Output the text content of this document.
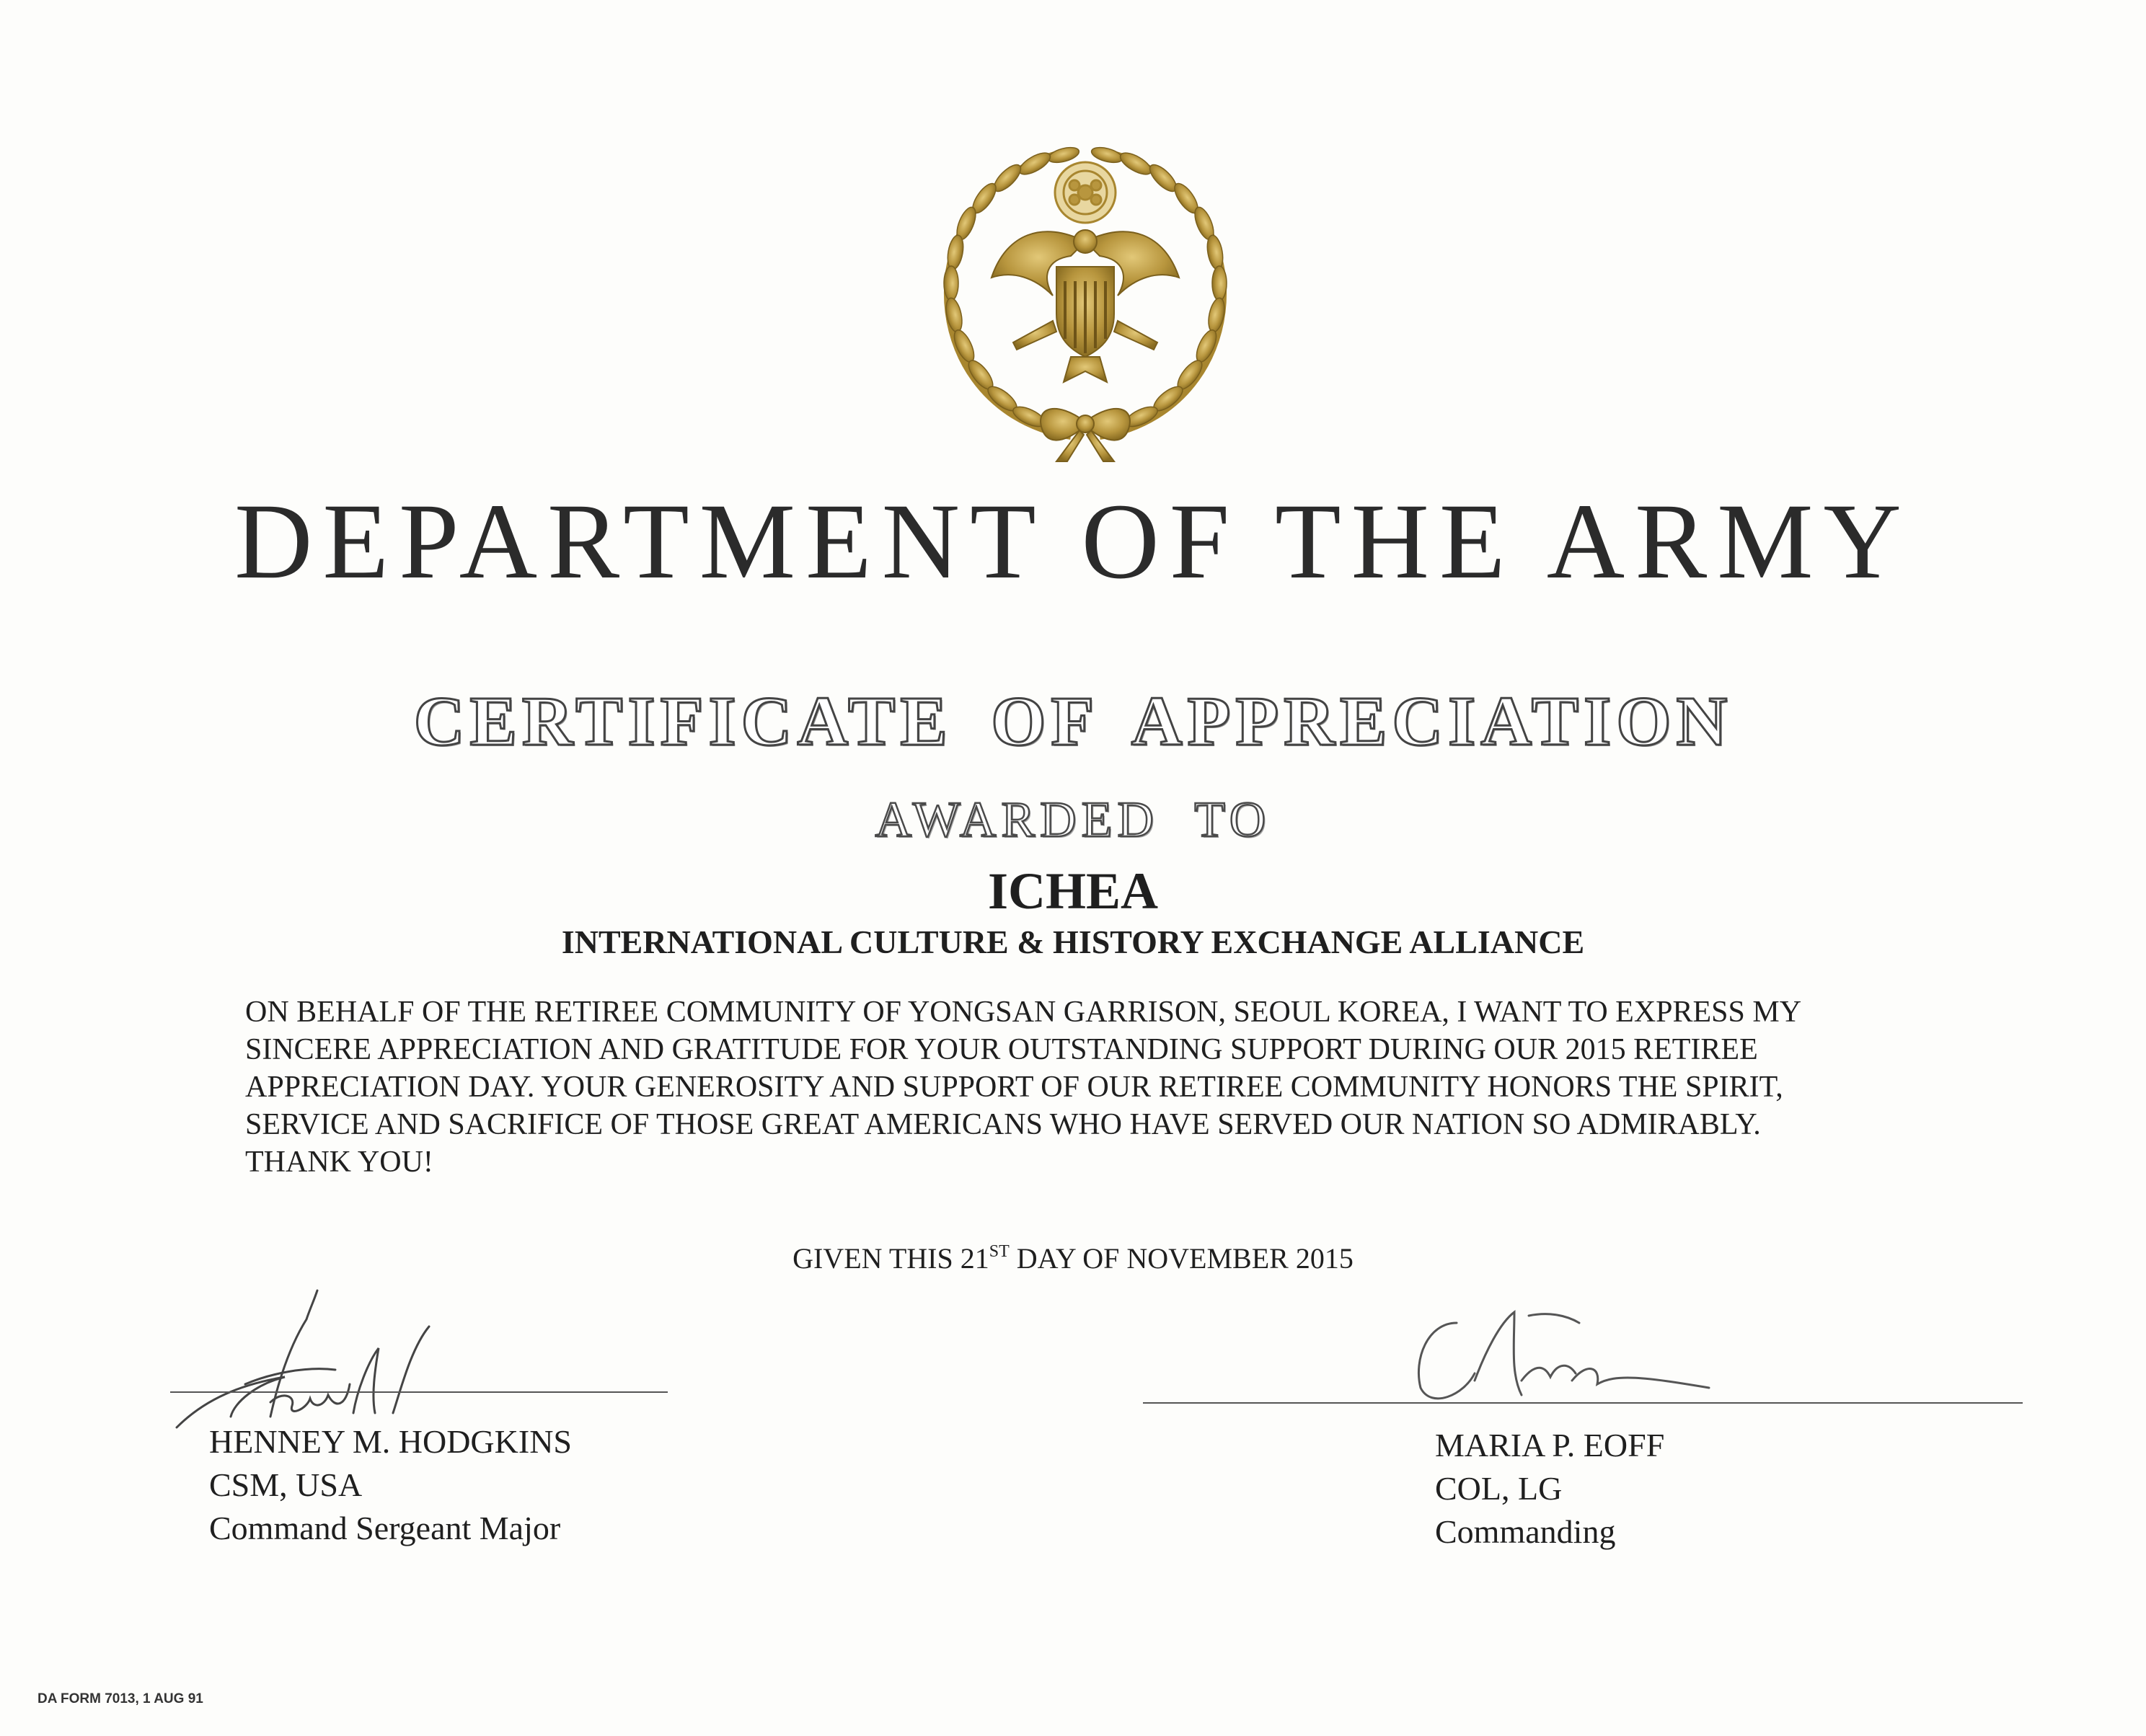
DEPARTMENT OF THE ARMY
CERTIFICATE OF APPRECIATION
AWARDED TO
ICHEA
INTERNATIONAL CULTURE & HISTORY EXCHANGE ALLIANCE
ON BEHALF OF THE RETIREE COMMUNITY OF YONGSAN GARRISON, SEOUL KOREA, I WANT TO EXPRESS MY
SINCERE APPRECIATION AND GRATITUDE FOR YOUR OUTSTANDING SUPPORT DURING OUR 2015 RETIREE
APPRECIATION DAY. YOUR GENEROSITY AND SUPPORT OF OUR RETIREE COMMUNITY HONORS THE SPIRIT,
SERVICE AND SACRIFICE OF THOSE GREAT AMERICANS WHO HAVE SERVED OUR NATION SO ADMIRABLY.
THANK YOU!
GIVEN THIS 21ST DAY OF NOVEMBER 2015
HENNEY M. HODGKINS
CSM, USA
Command Sergeant Major
MARIA P. EOFF
COL, LG
Commanding
DA FORM 7013, 1 AUG 91
